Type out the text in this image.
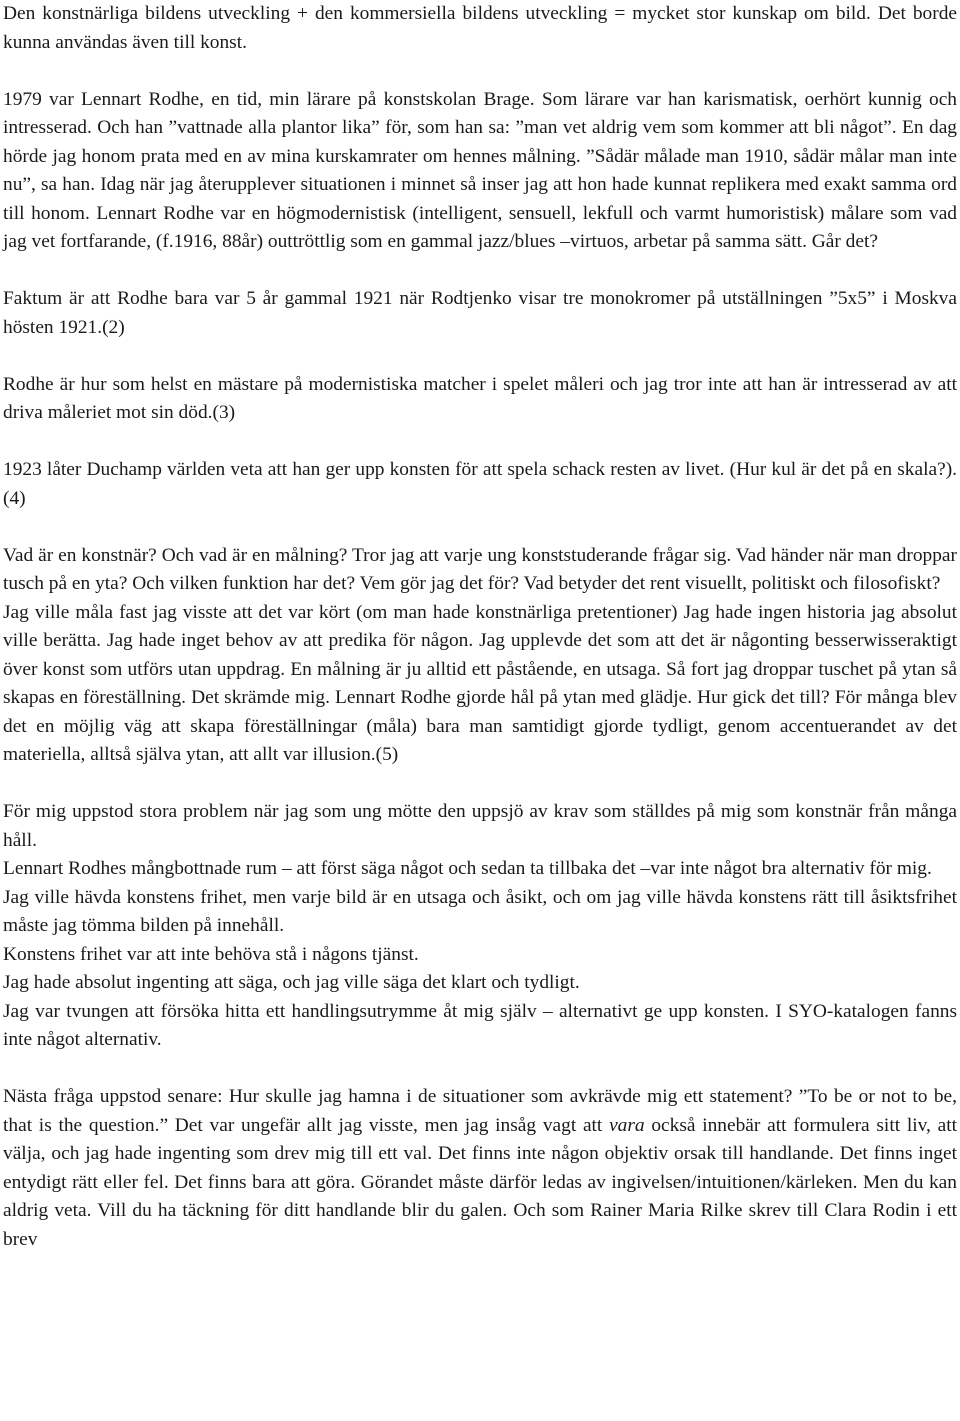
Den konstnärliga bildens utveckling + den kommersiella bildens utveckling = mycket stor kunskap om bild. Det borde kunna användas även till konst.

1979 var Lennart Rodhe, en tid, min lärare på konstskolan Brage. Som lärare var han karismatisk, oerhört kunnig och intresserad. Och han ”vattnade alla plantor lika” för, som han sa: ”man vet aldrig vem som kommer att bli något”. En dag hörde jag honom prata med en av mina kurskamrater om hennes målning. ”Sådär målade man 1910, sådär målar man inte nu”, sa han. Idag när jag återupplever situationen i minnet så inser jag att hon hade kunnat replikera med exakt samma ord till honom. Lennart Rodhe var en högmodernistisk (intelligent, sensuell, lekfull och varmt humoristisk) målare som vad jag vet fortfarande, (f.1916, 88år) outtröttlig som en gammal jazz/blues –virtuos, arbetar på samma sätt. Går det?

Faktum är att Rodhe bara var 5 år gammal 1921 när Rodtjenko visar tre monokromer på utställningen ”5x5” i Moskva hösten 1921.(2)

Rodhe är hur som helst en mästare på modernistiska matcher i spelet måleri och jag tror inte att han är intresserad av att driva måleriet mot sin död.(3)

1923 låter Duchamp världen veta att han ger upp konsten för att spela schack resten av livet. (Hur kul är det på en skala?).(4)

Vad är en konstnär? Och vad är en målning? Tror jag att varje ung konststuderande frågar sig. Vad händer när man droppar tusch på en yta? Och vilken funktion har det? Vem gör jag det för? Vad betyder det rent visuellt, politiskt och filosofiskt?

Jag ville måla fast jag visste att det var kört (om man hade konstnärliga pretentioner) Jag hade ingen historia jag absolut ville berätta. Jag hade inget behov av att predika för någon. Jag upplevde det som att det är någonting besserwisseraktigt över konst som utförs utan uppdrag. En målning är ju alltid ett påstående, en utsaga. Så fort jag droppar tuschet på ytan så skapas en föreställning. Det skrämde mig. Lennart Rodhe gjorde hål på ytan med glädje. Hur gick det till? För många blev det en möjlig väg att skapa föreställningar (måla) bara man samtidigt gjorde tydligt, genom accentuerandet av det materiella, alltså själva ytan, att allt var illusion.(5)

För mig uppstod stora problem när jag som ung mötte den uppsjö av krav som ställdes på mig som konstnär från många håll.

Lennart Rodhes mångbottnade rum – att först säga något och sedan ta tillbaka det –var inte något bra alternativ för mig.

Jag ville hävda konstens frihet, men varje bild är en utsaga och åsikt, och om jag ville hävda konstens rätt till åsiktsfrihet måste jag tömma bilden på innehåll.

Konstens frihet var att inte behöva stå i någons tjänst.

Jag hade absolut ingenting att säga, och jag ville säga det klart och tydligt.

Jag var tvungen att försöka hitta ett handlingsutrymme åt mig själv – alternativt ge upp konsten. I SYO-katalogen fanns inte något alternativ.

Nästa fråga uppstod senare: Hur skulle jag hamna i de situationer som avkrävde mig ett statement? ”To be or not to be, that is the question.” Det var ungefär allt jag visste, men jag insåg vagt att vara också innebär att formulera sitt liv, att välja, och jag hade ingenting som drev mig till ett val. Det finns inte någon objektiv orsak till handlande. Det finns inget entydigt rätt eller fel. Det finns bara att göra. Görandet måste därför ledas av ingivelsen/intuitionen/kärleken. Men du kan aldrig veta. Vill du ha täckning för ditt handlande blir du galen. Och som Rainer Maria Rilke skrev till Clara Rodin i ett brev
